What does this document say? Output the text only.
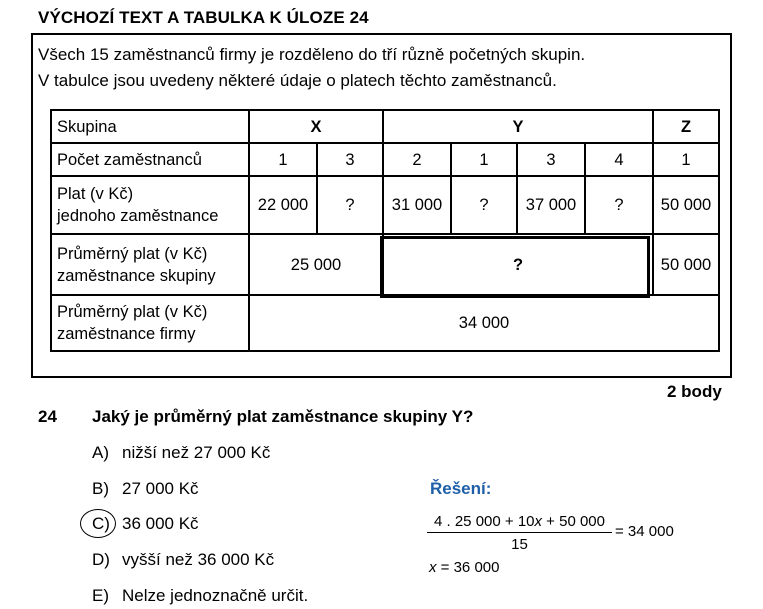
VÝCHOZÍ TEXT A TABULKA K ÚLOZE 24
Všech 15 zaměstnanců firmy je rozděleno do tří různě početných skupin.
V tabulce jsou uvedeny některé údaje o platech těchto zaměstnanců.
Skupina	X		Y				Z
Počet zaměstnanců	1	3	2	1	3	4	1

Plat (v Kč)
jednoho zaměstnance	22 000	?	31 000	?	37 000	?	50 000

Průměrný plat (v Kč)
zaměstnance skupiny	25 000		?				50 000

Průměrný plat (v Kč)
zaměstnance firmy	34 000						
2 body
24 Jaký je průměrný plat zaměstnance skupiny Y?
A) nižší než 27 000 Kč
B) 27 000 Kč
C) 36 000 Kč
D) vyšší než 36 000 Kč
E) Nelze jednoznačně určit.
Řešení:
4 . 25 000 + 10x + 50 000
15
= 34 000
x = 36 000
